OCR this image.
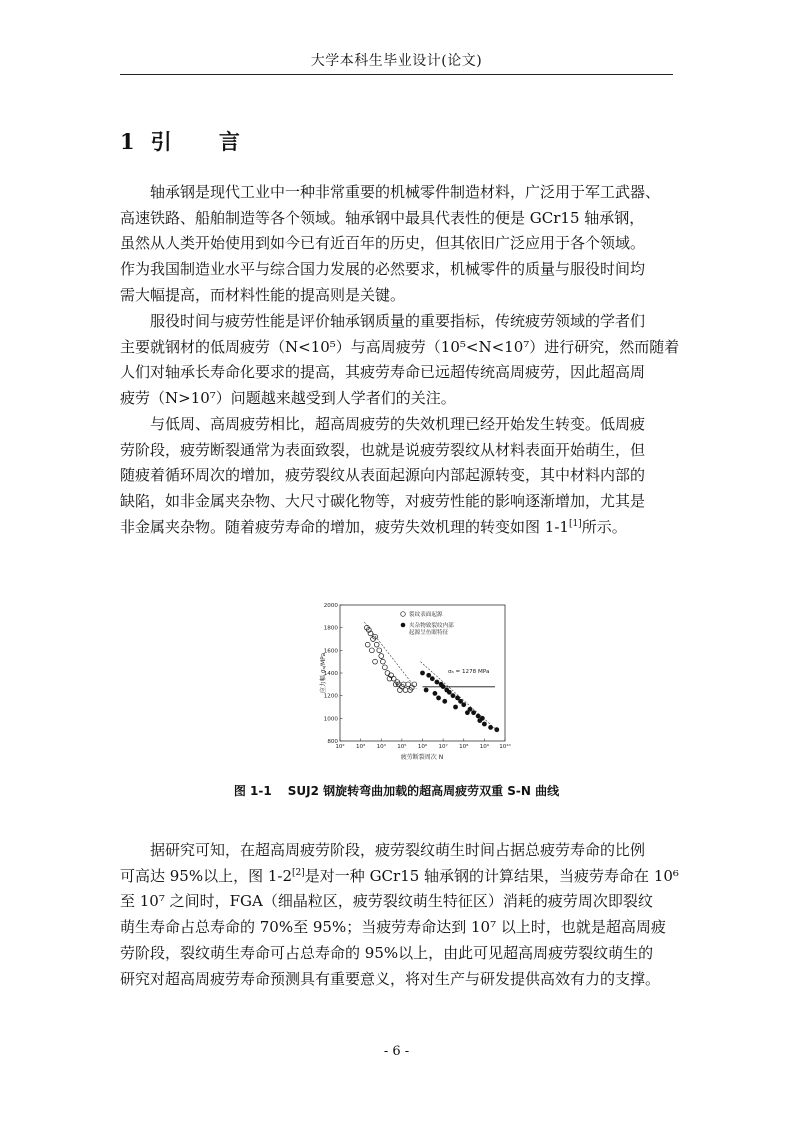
大学本科生毕业设计(论文)
1 引 言

轴承钢是现代工业中一种非常重要的机械零件制造材料，广泛用于军工武器、
高速铁路、船舶制造等各个领域。轴承钢中最具代表性的便是 GCr15 轴承钢，
虽然从人类开始使用到如今已有近百年的历史，但其依旧广泛应用于各个领域。
作为我国制造业水平与综合国力发展的必然要求，机械零件的质量与服役时间均
需大幅提高，而材料性能的提高则是关键。

服役时间与疲劳性能是评价轴承钢质量的重要指标，传统疲劳领域的学者们
主要就钢材的低周疲劳（N<10⁵）与高周疲劳（10⁵<N<10⁷）进行研究，然而随着
人们对轴承长寿命化要求的提高，其疲劳寿命已远超传统高周疲劳，因此超高周
疲劳（N>10⁷）问题越来越受到人学者们的关注。

与低周、高周疲劳相比，超高周疲劳的失效机理已经开始发生转变。低周疲
劳阶段，疲劳断裂通常为表面致裂，也就是说疲劳裂纹从材料表面开始萌生，但
随疲着循环周次的增加，疲劳裂纹从表面起源向内部起源转变，其中材料内部的
缺陷，如非金属夹杂物、大尺寸碳化物等，对疲劳性能的影响逐渐增加，尤其是
非金属夹杂物。随着疲劳寿命的增加，疲劳失效机理的转变如图 1-1[1]所示。

2000
1800
1600
1400
1200
1000
800
10² 10³ 10⁴ 10⁵ 10⁶ 10⁷ 10⁸ 10⁹ 10¹⁰
裂纹表面起源
夹杂物致裂纹内部
起源呈鱼眼特征
σₐ = 1278 MPa
应力幅 σₐ/MPa
疲劳断裂周次 N
图 1-1 SUJ2 钢旋转弯曲加载的超高周疲劳双重 S-N 曲线

据研究可知，在超高周疲劳阶段，疲劳裂纹萌生时间占据总疲劳寿命的比例
可高达 95%以上，图 1-2[2]是对一种 GCr15 轴承钢的计算结果，当疲劳寿命在 10⁶
至 10⁷ 之间时，FGA（细晶粒区，疲劳裂纹萌生特征区）消耗的疲劳周次即裂纹
萌生寿命占总寿命的 70%至 95%；当疲劳寿命达到 10⁷ 以上时，也就是超高周疲
劳阶段，裂纹萌生寿命可占总寿命的 95%以上，由此可见超高周疲劳裂纹萌生的
研究对超高周疲劳寿命预测具有重要意义，将对生产与研发提供高效有力的支撑。

- 6 -
